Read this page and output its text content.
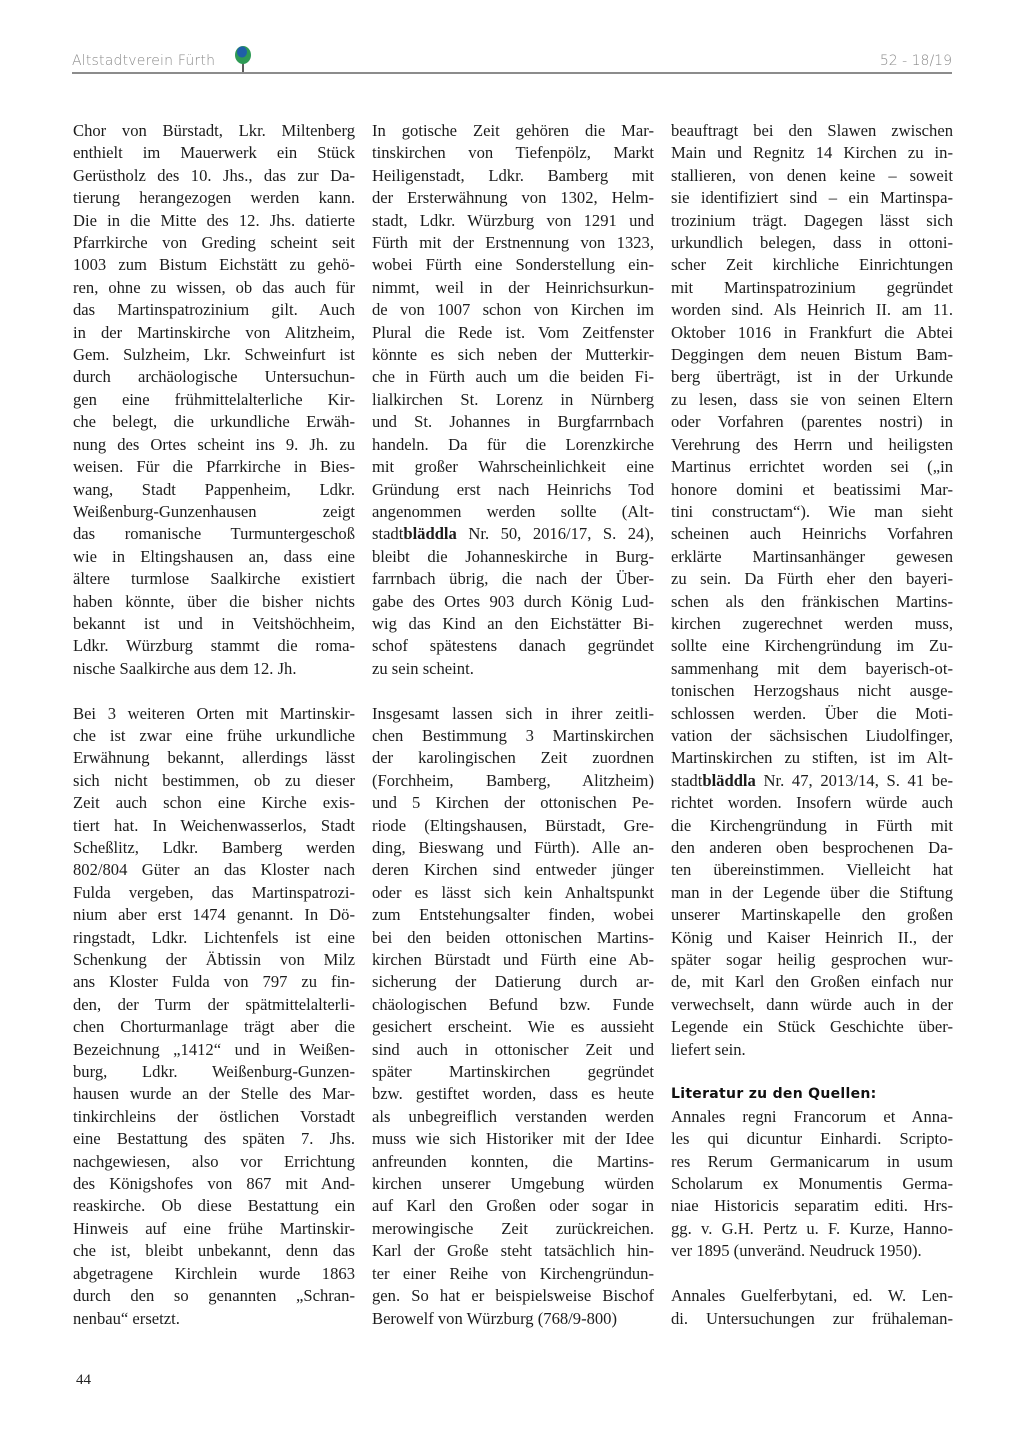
Altstadtverein Fürth	52 - 18/19

Chor von Bürstadt, Lkr. Miltenberg
enthielt im Mauerwerk ein Stück
Gerüstholz des 10. Jhs., das zur Da-
tierung herangezogen werden kann.
Die in die Mitte des 12. Jhs. datierte
Pfarrkirche von Greding scheint seit
1003 zum Bistum Eichstätt zu gehö-
ren, ohne zu wissen, ob das auch für
das Martinspatrozinium gilt. Auch
in der Martinskirche von Alitzheim,
Gem. Sulzheim, Lkr. Schweinfurt ist
durch archäologische Untersuchun-
gen eine frühmittelalterliche Kir-
che belegt, die urkundliche Erwäh-
nung des Ortes scheint ins 9. Jh. zu
weisen. Für die Pfarrkirche in Bies-
wang, Stadt Pappenheim, Ldkr.
Weißenburg-Gunzenhausen zeigt
das romanische Turmuntergeschoß
wie in Eltingshausen an, dass eine
ältere turmlose Saalkirche existiert
haben könnte, über die bisher nichts
bekannt ist und in Veitshöchheim,
Ldkr. Würzburg stammt die roma-
nische Saalkirche aus dem 12. Jh.

Bei 3 weiteren Orten mit Martinskir-
che ist zwar eine frühe urkundliche
Erwähnung bekannt, allerdings lässt
sich nicht bestimmen, ob zu dieser
Zeit auch schon eine Kirche exis-
tiert hat. In Weichenwasserlos, Stadt
Scheßlitz, Ldkr. Bamberg werden
802/804 Güter an das Kloster nach
Fulda vergeben, das Martinspatrozi-
nium aber erst 1474 genannt. In Dö-
ringstadt, Ldkr. Lichtenfels ist eine
Schenkung der Äbtissin von Milz
ans Kloster Fulda von 797 zu fin-
den, der Turm der spätmittelalterli-
chen Chorturmanlage trägt aber die
Bezeichnung „1412“ und in Weißen-
burg, Ldkr. Weißenburg-Gunzen-
hausen wurde an der Stelle des Mar-
tinkirchleins der östlichen Vorstadt
eine Bestattung des späten 7. Jhs.
nachgewiesen, also vor Errichtung
des Königshofes von 867 mit And-
reaskirche. Ob diese Bestattung ein
Hinweis auf eine frühe Martinskir-
che ist, bleibt unbekannt, denn das
abgetragene Kirchlein wurde 1863
durch den so genannten „Schran-
nenbau“ ersetzt.

In gotische Zeit gehören die Mar-
tinskirchen von Tiefenpölz, Markt
Heiligenstadt, Ldkr. Bamberg mit
der Ersterwähnung von 1302, Helm-
stadt, Ldkr. Würzburg von 1291 und
Fürth mit der Erstnennung von 1323,
wobei Fürth eine Sonderstellung ein-
nimmt, weil in der Heinrichsurkun-
de von 1007 schon von Kirchen im
Plural die Rede ist. Vom Zeitfenster
könnte es sich neben der Mutterkir-
che in Fürth auch um die beiden Fi-
lialkirchen St. Lorenz in Nürnberg
und St. Johannes in Burgfarrnbach
handeln. Da für die Lorenzkirche
mit großer Wahrscheinlichkeit eine
Gründung erst nach Heinrichs Tod
angenommen werden sollte (Alt-
stadtbläddla Nr. 50, 2016/17, S. 24),
bleibt die Johanneskirche in Burg-
farrnbach übrig, die nach der Über-
gabe des Ortes 903 durch König Lud-
wig das Kind an den Eichstätter Bi-
schof spätestens danach gegründet
zu sein scheint.

Insgesamt lassen sich in ihrer zeitli-
chen Bestimmung 3 Martinskirchen
der karolingischen Zeit zuordnen
(Forchheim, Bamberg, Alitzheim)
und 5 Kirchen der ottonischen Pe-
riode (Eltingshausen, Bürstadt, Gre-
ding, Bieswang und Fürth). Alle an-
deren Kirchen sind entweder jünger
oder es lässt sich kein Anhaltspunkt
zum Entstehungsalter finden, wobei
bei den beiden ottonischen Martins-
kirchen Bürstadt und Fürth eine Ab-
sicherung der Datierung durch ar-
chäologischen Befund bzw. Funde
gesichert erscheint. Wie es aussieht
sind auch in ottonischer Zeit und
später Martinskirchen gegründet
bzw. gestiftet worden, dass es heute
als unbegreiflich verstanden werden
muss wie sich Historiker mit der Idee
anfreunden konnten, die Martins-
kirchen unserer Umgebung würden
auf Karl den Großen oder sogar in
merowingische Zeit zurückreichen.
Karl der Große steht tatsächlich hin-
ter einer Reihe von Kirchengründun-
gen. So hat er beispielsweise Bischof
Berowelf von Würzburg (768/9-800)

beauftragt bei den Slawen zwischen
Main und Regnitz 14 Kirchen zu in-
stallieren, von denen keine – soweit
sie identifiziert sind – ein Martinspa-
trozinium trägt. Dagegen lässt sich
urkundlich belegen, dass in ottoni-
scher Zeit kirchliche Einrichtungen
mit Martinspatrozinium gegründet
worden sind. Als Heinrich II. am 11.
Oktober 1016 in Frankfurt die Abtei
Deggingen dem neuen Bistum Bam-
berg überträgt, ist in der Urkunde
zu lesen, dass sie von seinen Eltern
oder Vorfahren (parentes nostri) in
Verehrung des Herrn und heiligsten
Martinus errichtet worden sei („in
honore domini et beatissimi Mar-
tini constructam“). Wie man sieht
scheinen auch Heinrichs Vorfahren
erklärte Martinsanhänger gewesen
zu sein. Da Fürth eher den bayeri-
schen als den fränkischen Martins-
kirchen zugerechnet werden muss,
sollte eine Kirchengründung im Zu-
sammenhang mit dem bayerisch-ot-
tonischen Herzogshaus nicht ausge-
schlossen werden. Über die Moti-
vation der sächsischen Liudolfinger,
Martinskirchen zu stiften, ist im Alt-
stadtbläddla Nr. 47, 2013/14, S. 41 be-
richtet worden. Insofern würde auch
die Kirchengründung in Fürth mit
den anderen oben besprochenen Da-
ten übereinstimmen. Vielleicht hat
man in der Legende über die Stiftung
unserer Martinskapelle den großen
König und Kaiser Heinrich II., der
später sogar heilig gesprochen wur-
de, mit Karl den Großen einfach nur
verwechselt, dann würde auch in der
Legende ein Stück Geschichte über-
liefert sein.

Literatur zu den Quellen:

Annales regni Francorum et Anna-
les qui dicuntur Einhardi. Scripto-
res Rerum Germanicarum in usum
Scholarum ex Monumentis Germa-
niae Historicis separatim editi. Hrs-
gg. v. G.H. Pertz u. F. Kurze, Hanno-
ver 1895 (unveränd. Neudruck 1950).

Annales Guelferbytani, ed. W. Len-
di. Untersuchungen zur frühaleman-

44
